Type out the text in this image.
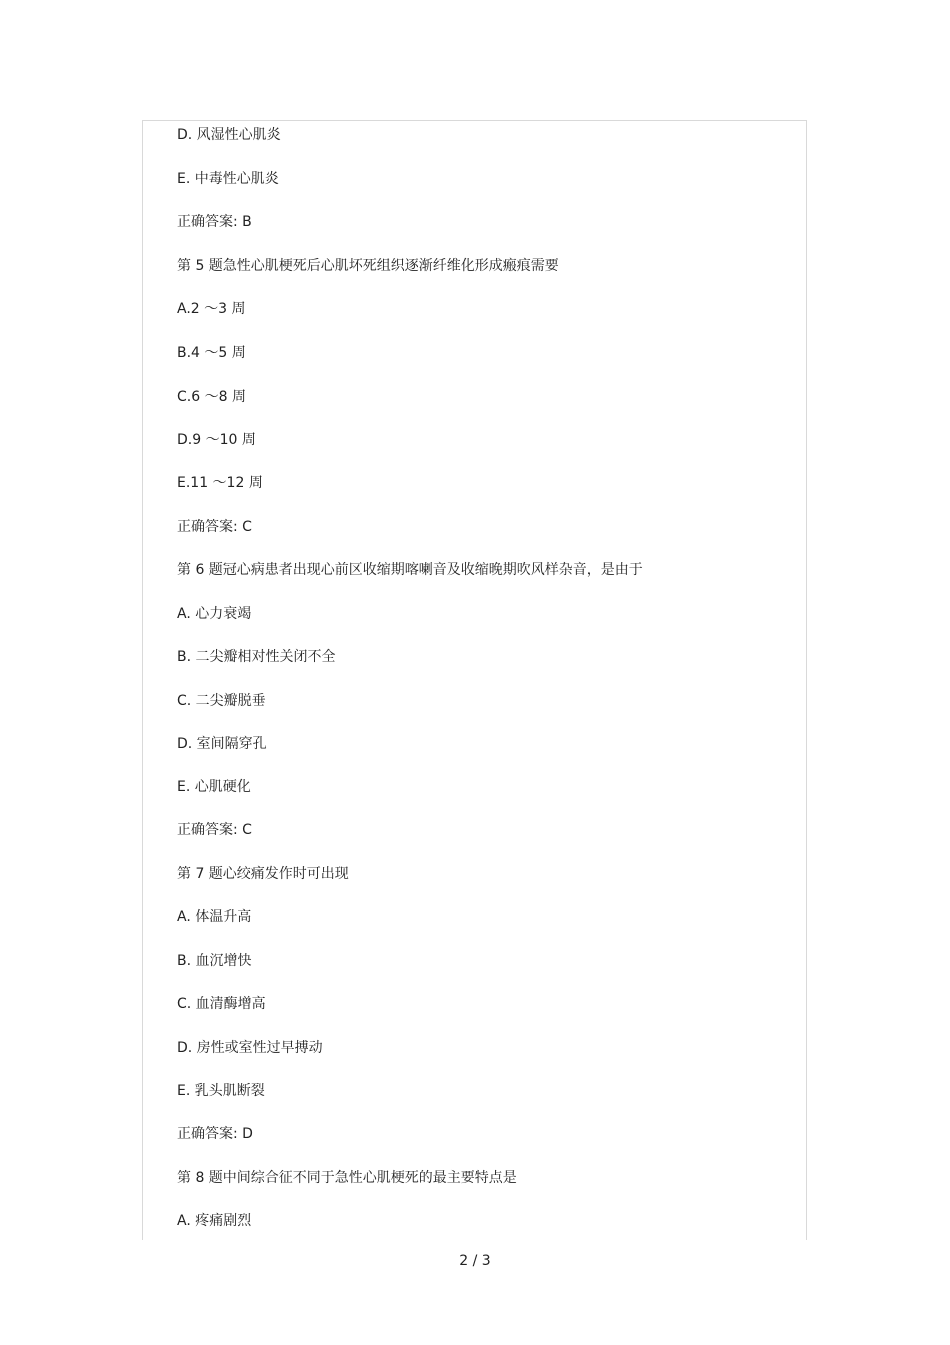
D. 风湿性心肌炎
E. 中毒性心肌炎
正确答案: B
第 5 题急性心肌梗死后心肌坏死组织逐渐纤维化形成瘢痕需要
A.2 ～3 周
B.4 ～5 周
C.6 ～8 周
D.9 ～10 周
E.11 ～12 周
正确答案: C
第 6 题冠心病患者出现心前区收缩期喀喇音及收缩晚期吹风样杂音，是由于
A. 心力衰竭
B. 二尖瓣相对性关闭不全
C. 二尖瓣脱垂
D. 室间隔穿孔
E. 心肌硬化
正确答案: C
第 7 题心绞痛发作时可出现
A. 体温升高
B. 血沉增快
C. 血清酶增高
D. 房性或室性过早搏动
E. 乳头肌断裂
正确答案: D
第 8 题中间综合征不同于急性心肌梗死的最主要特点是
A. 疼痛剧烈
2 / 3
